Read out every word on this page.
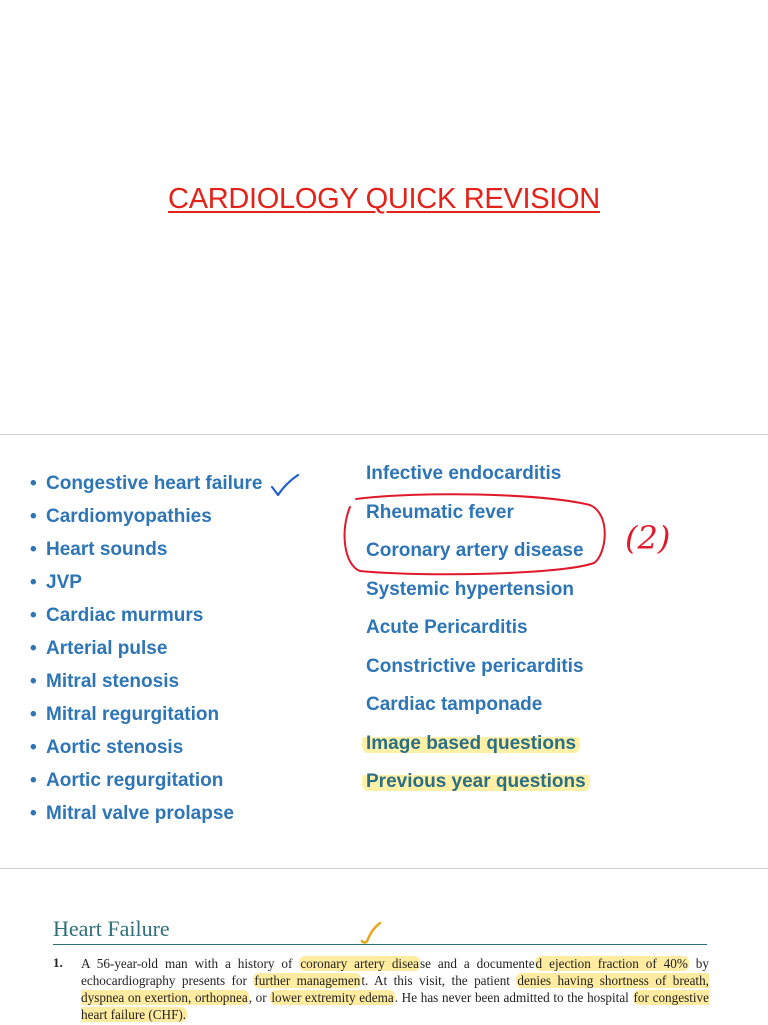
CARDIOLOGY QUICK REVISION
• Congestive heart failure
• Cardiomyopathies
• Heart sounds
• JVP
• Cardiac murmurs
• Arterial pulse
• Mitral stenosis
• Mitral regurgitation
• Aortic stenosis
• Aortic regurgitation
• Mitral valve prolapse
Infective endocarditis
Rheumatic fever
Coronary artery disease
Systemic hypertension
Acute Pericarditis
Constrictive pericarditis
Cardiac tamponade
Image based questions
Previous year questions
(2)
Heart Failure
1. A 56-year-old man with a history of coronary artery disease and a documented ejection fraction of 40% by echocardiography presents for further management. At this visit, the patient denies having shortness of breath, dyspnea on exertion, orthopnea, or lower extremity edema. He has never been admitted to the hospital for congestive heart failure (CHF).
